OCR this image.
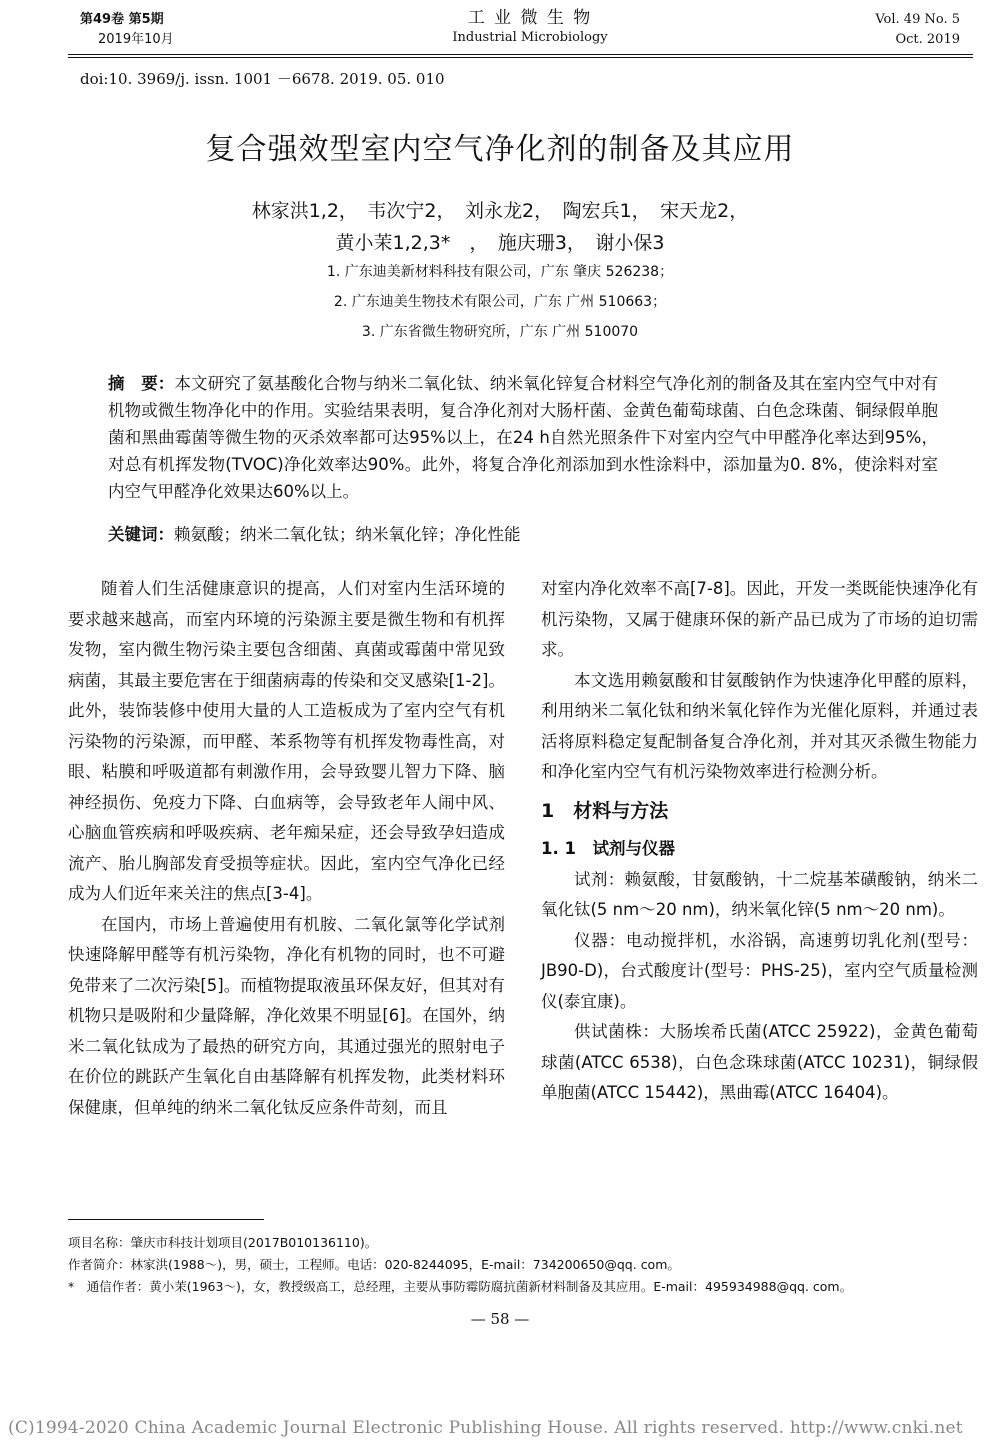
第49卷 第5期
2019年10月
工 业 微 生 物
Industrial Microbiology
Vol. 49 No. 5
Oct. 2019
doi:10. 3969/j. issn. 1001 －6678. 2019. 05. 010
复合强效型室内空气净化剂的制备及其应用
林家洪1,2，　韦次宁2，　刘永龙2，　陶宏兵1，　宋天龙2，
黄小茉1,2,3*　，　施庆珊3，　谢小保3
1. 广东迪美新材料科技有限公司，广东 肇庆 526238；
2. 广东迪美生物技术有限公司，广东 广州 510663；
3. 广东省微生物研究所，广东 广州 510070
摘　要：本文研究了氨基酸化合物与纳米二氧化钛、纳米氧化锌复合材料空气净化剂的制备及其在室内空气中对有机物或微生物净化中的作用。实验结果表明，复合净化剂对大肠杆菌、金黄色葡萄球菌、白色念珠菌、铜绿假单胞菌和黑曲霉菌等微生物的灭杀效率都可达95%以上，在24 h自然光照条件下对室内空气中甲醛净化率达到95%，对总有机挥发物(TVOC)净化效率达90%。此外，将复合净化剂添加到水性涂料中，添加量为0. 8%，使涂料对室内空气甲醛净化效果达60%以上。
关键词：赖氨酸；纳米二氧化钛；纳米氧化锌；净化性能

随着人们生活健康意识的提高，人们对室内生活环境的要求越来越高，而室内环境的污染源主要是微生物和有机挥发物，室内微生物污染主要包含细菌、真菌或霉菌中常见致病菌，其最主要危害在于细菌病毒的传染和交叉感染[1-2]。此外，装饰装修中使用大量的人工造板成为了室内空气有机污染物的污染源，而甲醛、苯系物等有机挥发物毒性高，对眼、粘膜和呼吸道都有刺激作用，会导致婴儿智力下降、脑神经损伤、免疫力下降、白血病等，会导致老年人闹中风、心脑血管疾病和呼吸疾病、老年痴呆症，还会导致孕妇造成流产、胎儿胸部发育受损等症状。因此，室内空气净化已经成为人们近年来关注的焦点[3-4]。

在国内，市场上普遍使用有机胺、二氧化氯等化学试剂快速降解甲醛等有机污染物，净化有机物的同时，也不可避免带来了二次污染[5]。而植物提取液虽环保友好，但其对有机物只是吸附和少量降解，净化效果不明显[6]。在国外，纳米二氧化钛成为了最热的研究方向，其通过强光的照射电子在价位的跳跃产生氧化自由基降解有机挥发物，此类材料环保健康，但单纯的纳米二氧化钛反应条件苛刻，而且

对室内净化效率不高[7-8]。因此，开发一类既能快速净化有机污染物，又属于健康环保的新产品已成为了市场的迫切需求。

本文选用赖氨酸和甘氨酸钠作为快速净化甲醛的原料，利用纳米二氧化钛和纳米氧化锌作为光催化原料，并通过表活将原料稳定复配制备复合净化剂，并对其灭杀微生物能力和净化室内空气有机污染物效率进行检测分析。

1　材料与方法

1. 1　试剂与仪器

试剂：赖氨酸，甘氨酸钠，十二烷基苯磺酸钠，纳米二氧化钛(5 nm～20 nm)，纳米氧化锌(5 nm～20 nm)。

仪器：电动搅拌机，水浴锅，高速剪切乳化剂(型号：JB90-D)，台式酸度计(型号：PHS-25)，室内空气质量检测仪(泰宜康)。

供试菌株：大肠埃希氏菌(ATCC 25922)，金黄色葡萄球菌(ATCC 6538)，白色念珠球菌(ATCC 10231)，铜绿假单胞菌(ATCC 15442)，黑曲霉(ATCC 16404)。

项目名称：肇庆市科技计划项目(2017B010136110)。
作者简介：林家洪(1988～)，男，硕士，工程师。电话：020-8244095，E-mail：734200650@qq. com。
*　通信作者：黄小茉(1963～)，女，教授级高工，总经理，主要从事防霉防腐抗菌新材料制备及其应用。E-mail：495934988@qq. com。
— 58 —
(C)1994-2020 China Academic Journal Electronic Publishing House. All rights reserved. http://www.cnki.net
